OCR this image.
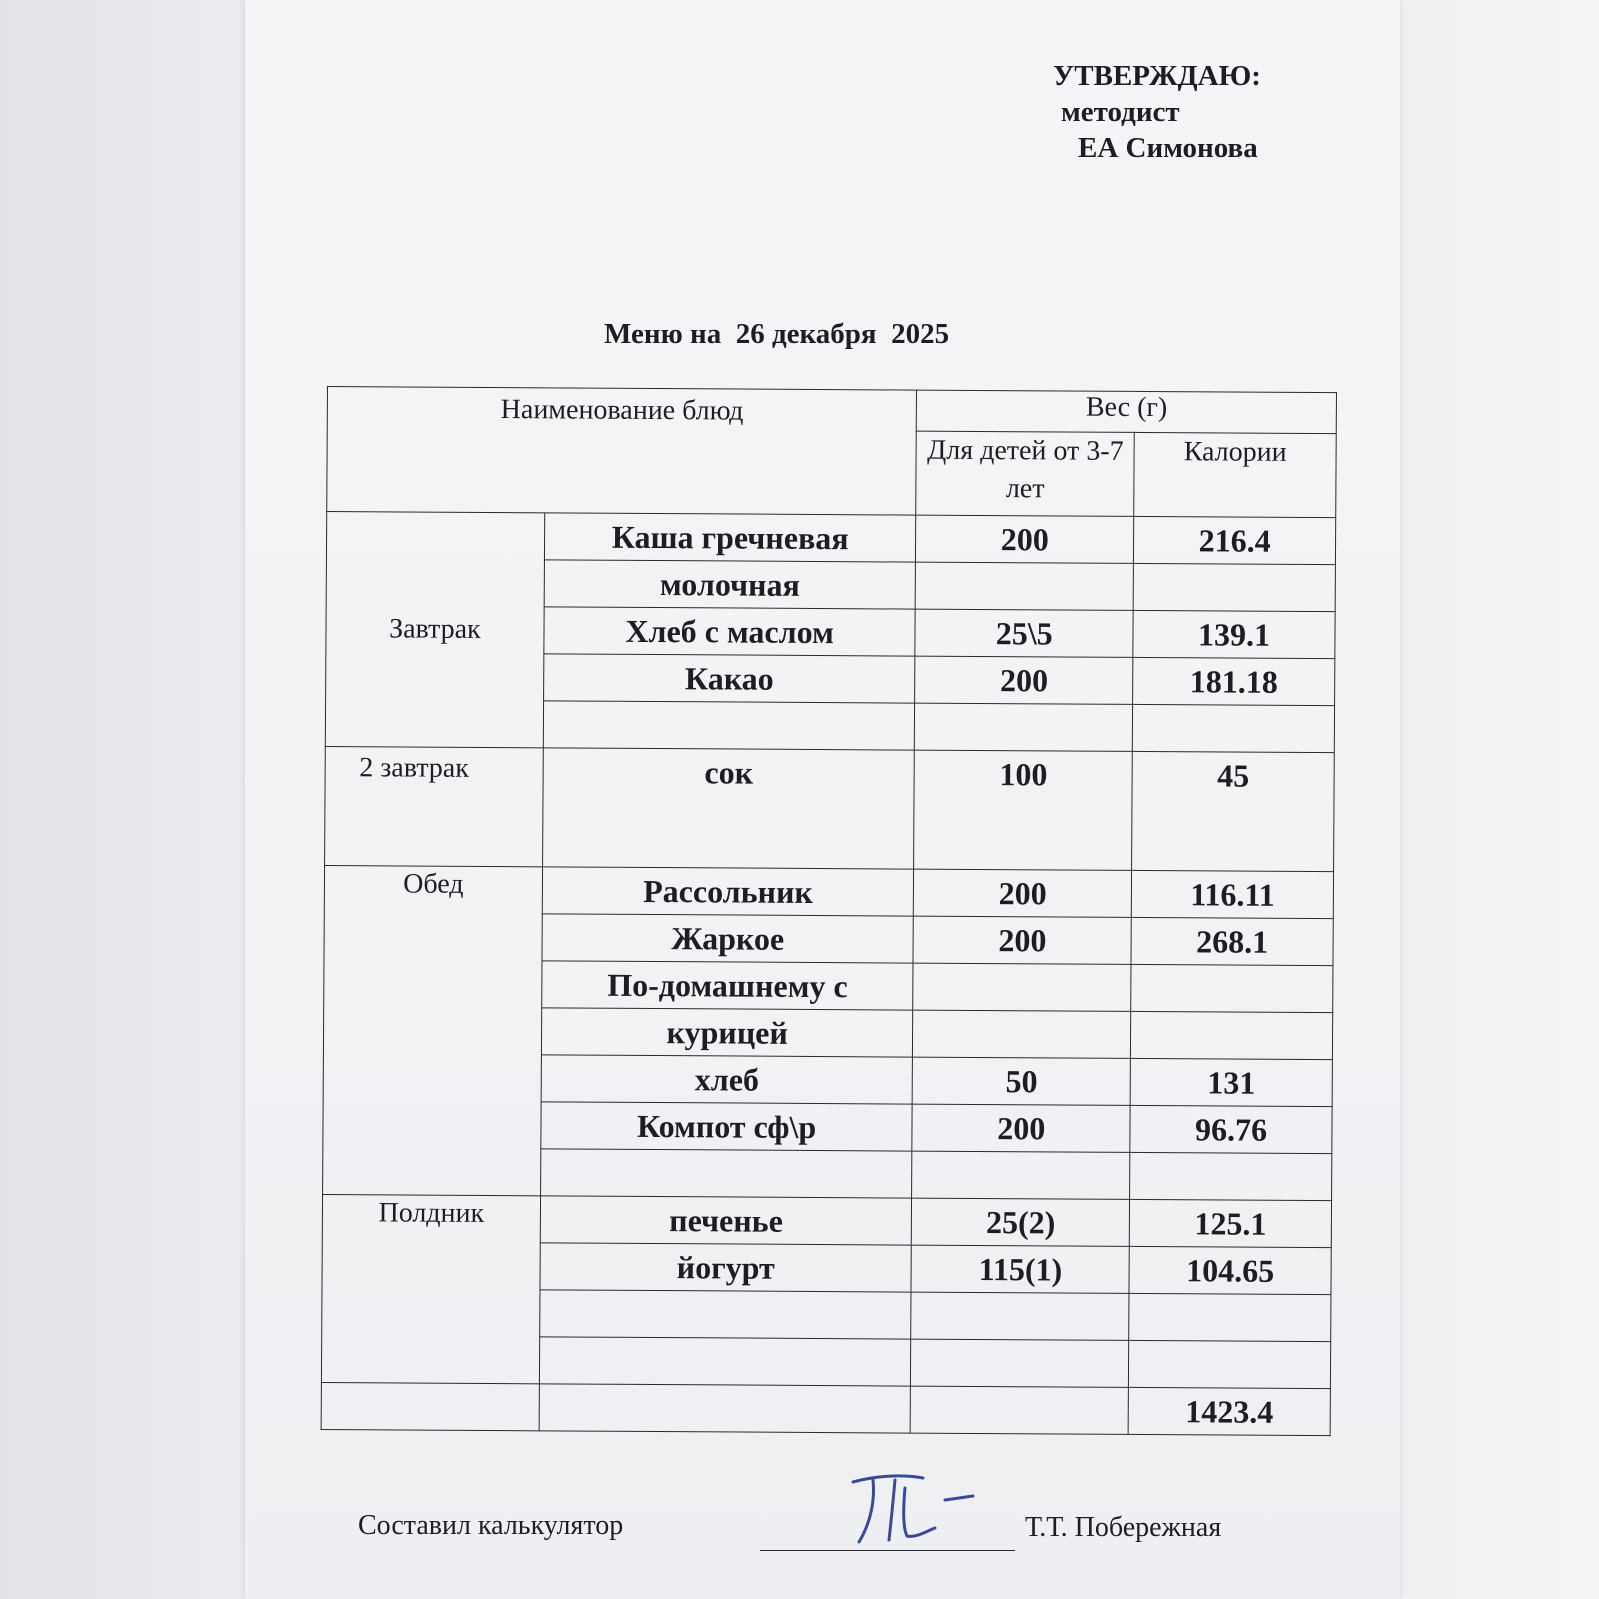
УТВЕРЖДАЮ:
методист
ЕА Симонова
Меню на  26 декабря  2025
Наименование блюд		Вес (г)	
		Для детей от 3-7 лет	Калории
Завтрак	Каша гречневая	200	216.4
	молочная		
	Хлеб с маслом	25\5	139.1
	Какао	200	181.18

2 завтрак	сок	100	45
Обед	Рассольник	200	116.11
	Жаркое	200	268.1
	По-домашнему с		
	курицей		
	хлеб	50	131
	Компот сф\р	200	96.76

Полдник	печенье	25(2)	125.1
	йогурт	115(1)	104.65

			1423.4
Составил калькулятор	Т.Т. Побережная
